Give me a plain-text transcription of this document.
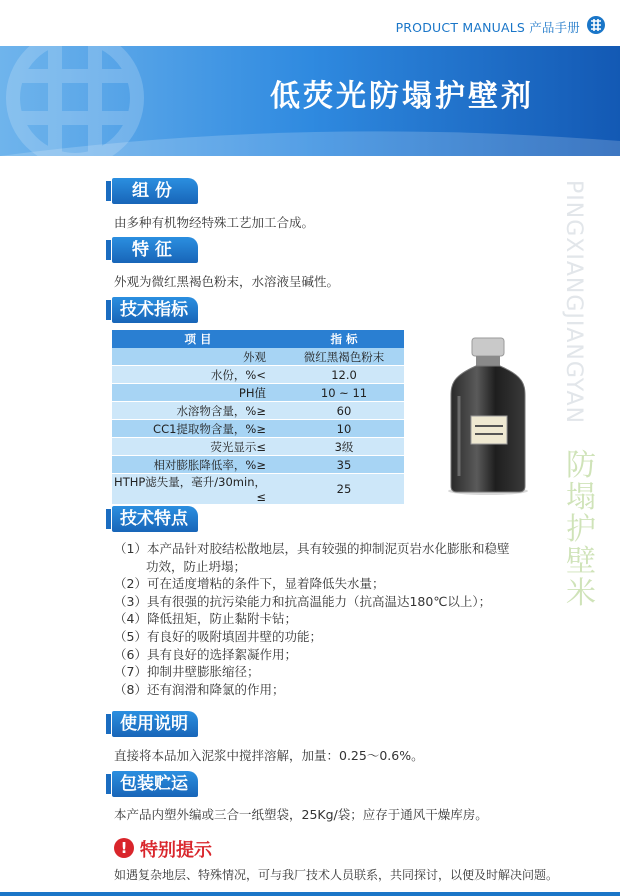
PRODUCT MANUALS 产品手册
低荧光防塌护壁剂
PINGXIANGJIANGYAN
防塌护壁米
组 份
由多种有机物经特殊工艺加工合成。
特 征
外观为微红黑褐色粉末，水溶液呈碱性。
技术指标
项 目	指 标
外观	微红黑褐色粉末
水份，%<	12.0
PH值	10 ~ 11
水溶物含量，%≥	60
CC1提取物含量，%≥	10
荧光显示≤	3级
相对膨胀降低率，%≥	35
HTHP滤失量，毫升/30min，≤	25
技术特点
（1）本产品针对胶结松散地层，具有较强的抑制泥页岩水化膨胀和稳壁
功效，防止坍塌；
（2）可在适度增粘的条件下，显着降低失水量；
（3）具有很强的抗污染能力和抗高温能力（抗高温达180℃以上）；
（4）降低扭矩，防止黏附卡钻；
（5）有良好的吸附填固井壁的功能；
（6）具有良好的选择絮凝作用；
（7）抑制井壁膨胀缩径；
（8）还有润滑和降氯的作用；
使用说明
直接将本品加入泥浆中搅拌溶解，加量：0.25～0.6%。
包装贮运
本产品内塑外编或三合一纸塑袋，25Kg/袋；应存于通风干燥库房。
! 特别提示
如遇复杂地层、特殊情况，可与我厂技术人员联系，共同探讨，以便及时解决问题。
